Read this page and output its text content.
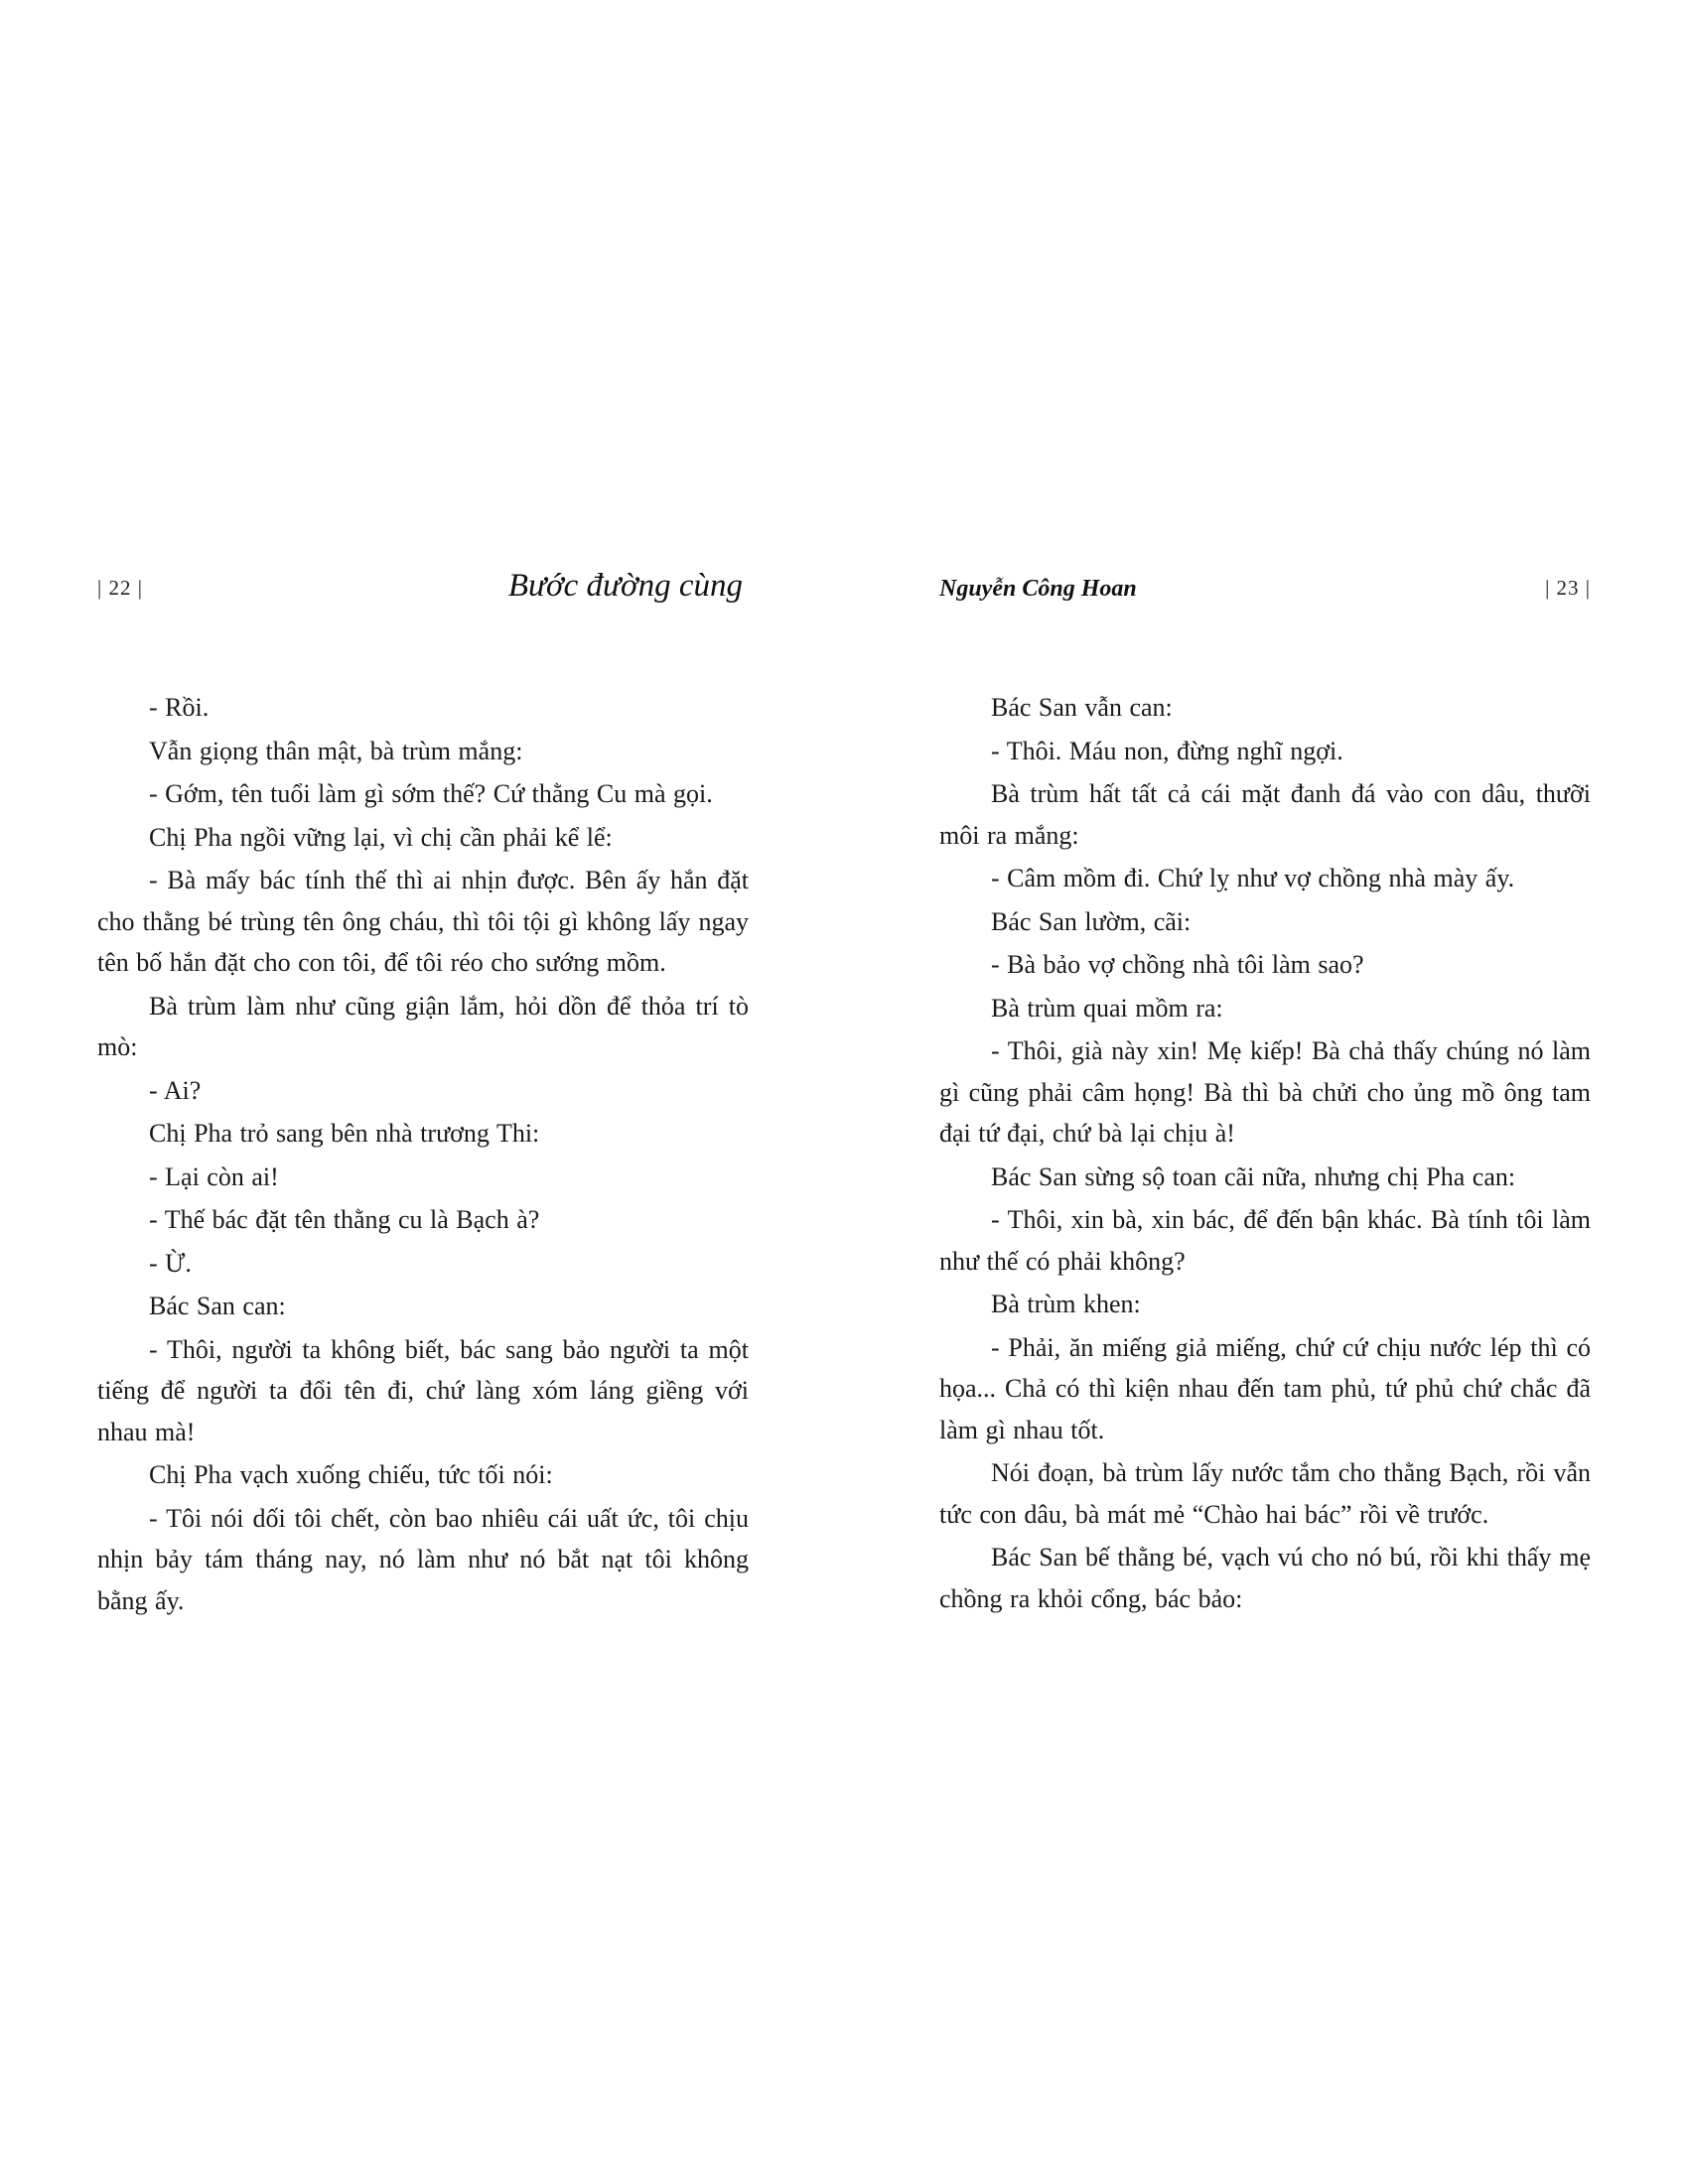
| 22 |	Bước đường cùng

- Rồi.

Vẫn giọng thân mật, bà trùm mắng:

- Gớm, tên tuổi làm gì sớm thế? Cứ thằng Cu mà gọi.

Chị Pha ngồi vững lại, vì chị cần phải kể lể:

- Bà mấy bác tính thế thì ai nhịn được. Bên ấy hắn đặt cho thằng bé trùng tên ông cháu, thì tôi tội gì không lấy ngay tên bố hắn đặt cho con tôi, để tôi réo cho sướng mồm.

Bà trùm làm như cũng giận lắm, hỏi dồn để thỏa trí tò mò:

- Ai?

Chị Pha trỏ sang bên nhà trương Thi:

- Lại còn ai!

- Thế bác đặt tên thằng cu là Bạch à?

- Ừ.

Bác San can:

- Thôi, người ta không biết, bác sang bảo người ta một tiếng để người ta đổi tên đi, chứ làng xóm láng giềng với nhau mà!

Chị Pha vạch xuống chiếu, tức tối nói:

- Tôi nói dối tôi chết, còn bao nhiêu cái uất ức, tôi chịu nhịn bảy tám tháng nay, nó làm như nó bắt nạt tôi không bằng ấy.

Nguyễn Công Hoan	| 23 |

Bác San vẫn can:

- Thôi. Máu non, đừng nghĩ ngợi.

Bà trùm hất tất cả cái mặt đanh đá vào con dâu, thưỡi môi ra mắng:

- Câm mồm đi. Chứ lỵ như vợ chồng nhà mày ấy.

Bác San lườm, cãi:

- Bà bảo vợ chồng nhà tôi làm sao?

Bà trùm quai mồm ra:

- Thôi, già này xin! Mẹ kiếp! Bà chả thấy chúng nó làm gì cũng phải câm họng! Bà thì bà chửi cho ủng mồ ông tam đại tứ đại, chứ bà lại chịu à!

Bác San sừng sộ toan cãi nữa, nhưng chị Pha can:

- Thôi, xin bà, xin bác, để đến bận khác. Bà tính tôi làm như thế có phải không?

Bà trùm khen:

- Phải, ăn miếng giả miếng, chứ cứ chịu nước lép thì có họa... Chả có thì kiện nhau đến tam phủ, tứ phủ chứ chắc đã làm gì nhau tốt.

Nói đoạn, bà trùm lấy nước tắm cho thằng Bạch, rồi vẫn tức con dâu, bà mát mẻ “Chào hai bác” rồi về trước.

Bác San bế thằng bé, vạch vú cho nó bú, rồi khi thấy mẹ chồng ra khỏi cổng, bác bảo:
